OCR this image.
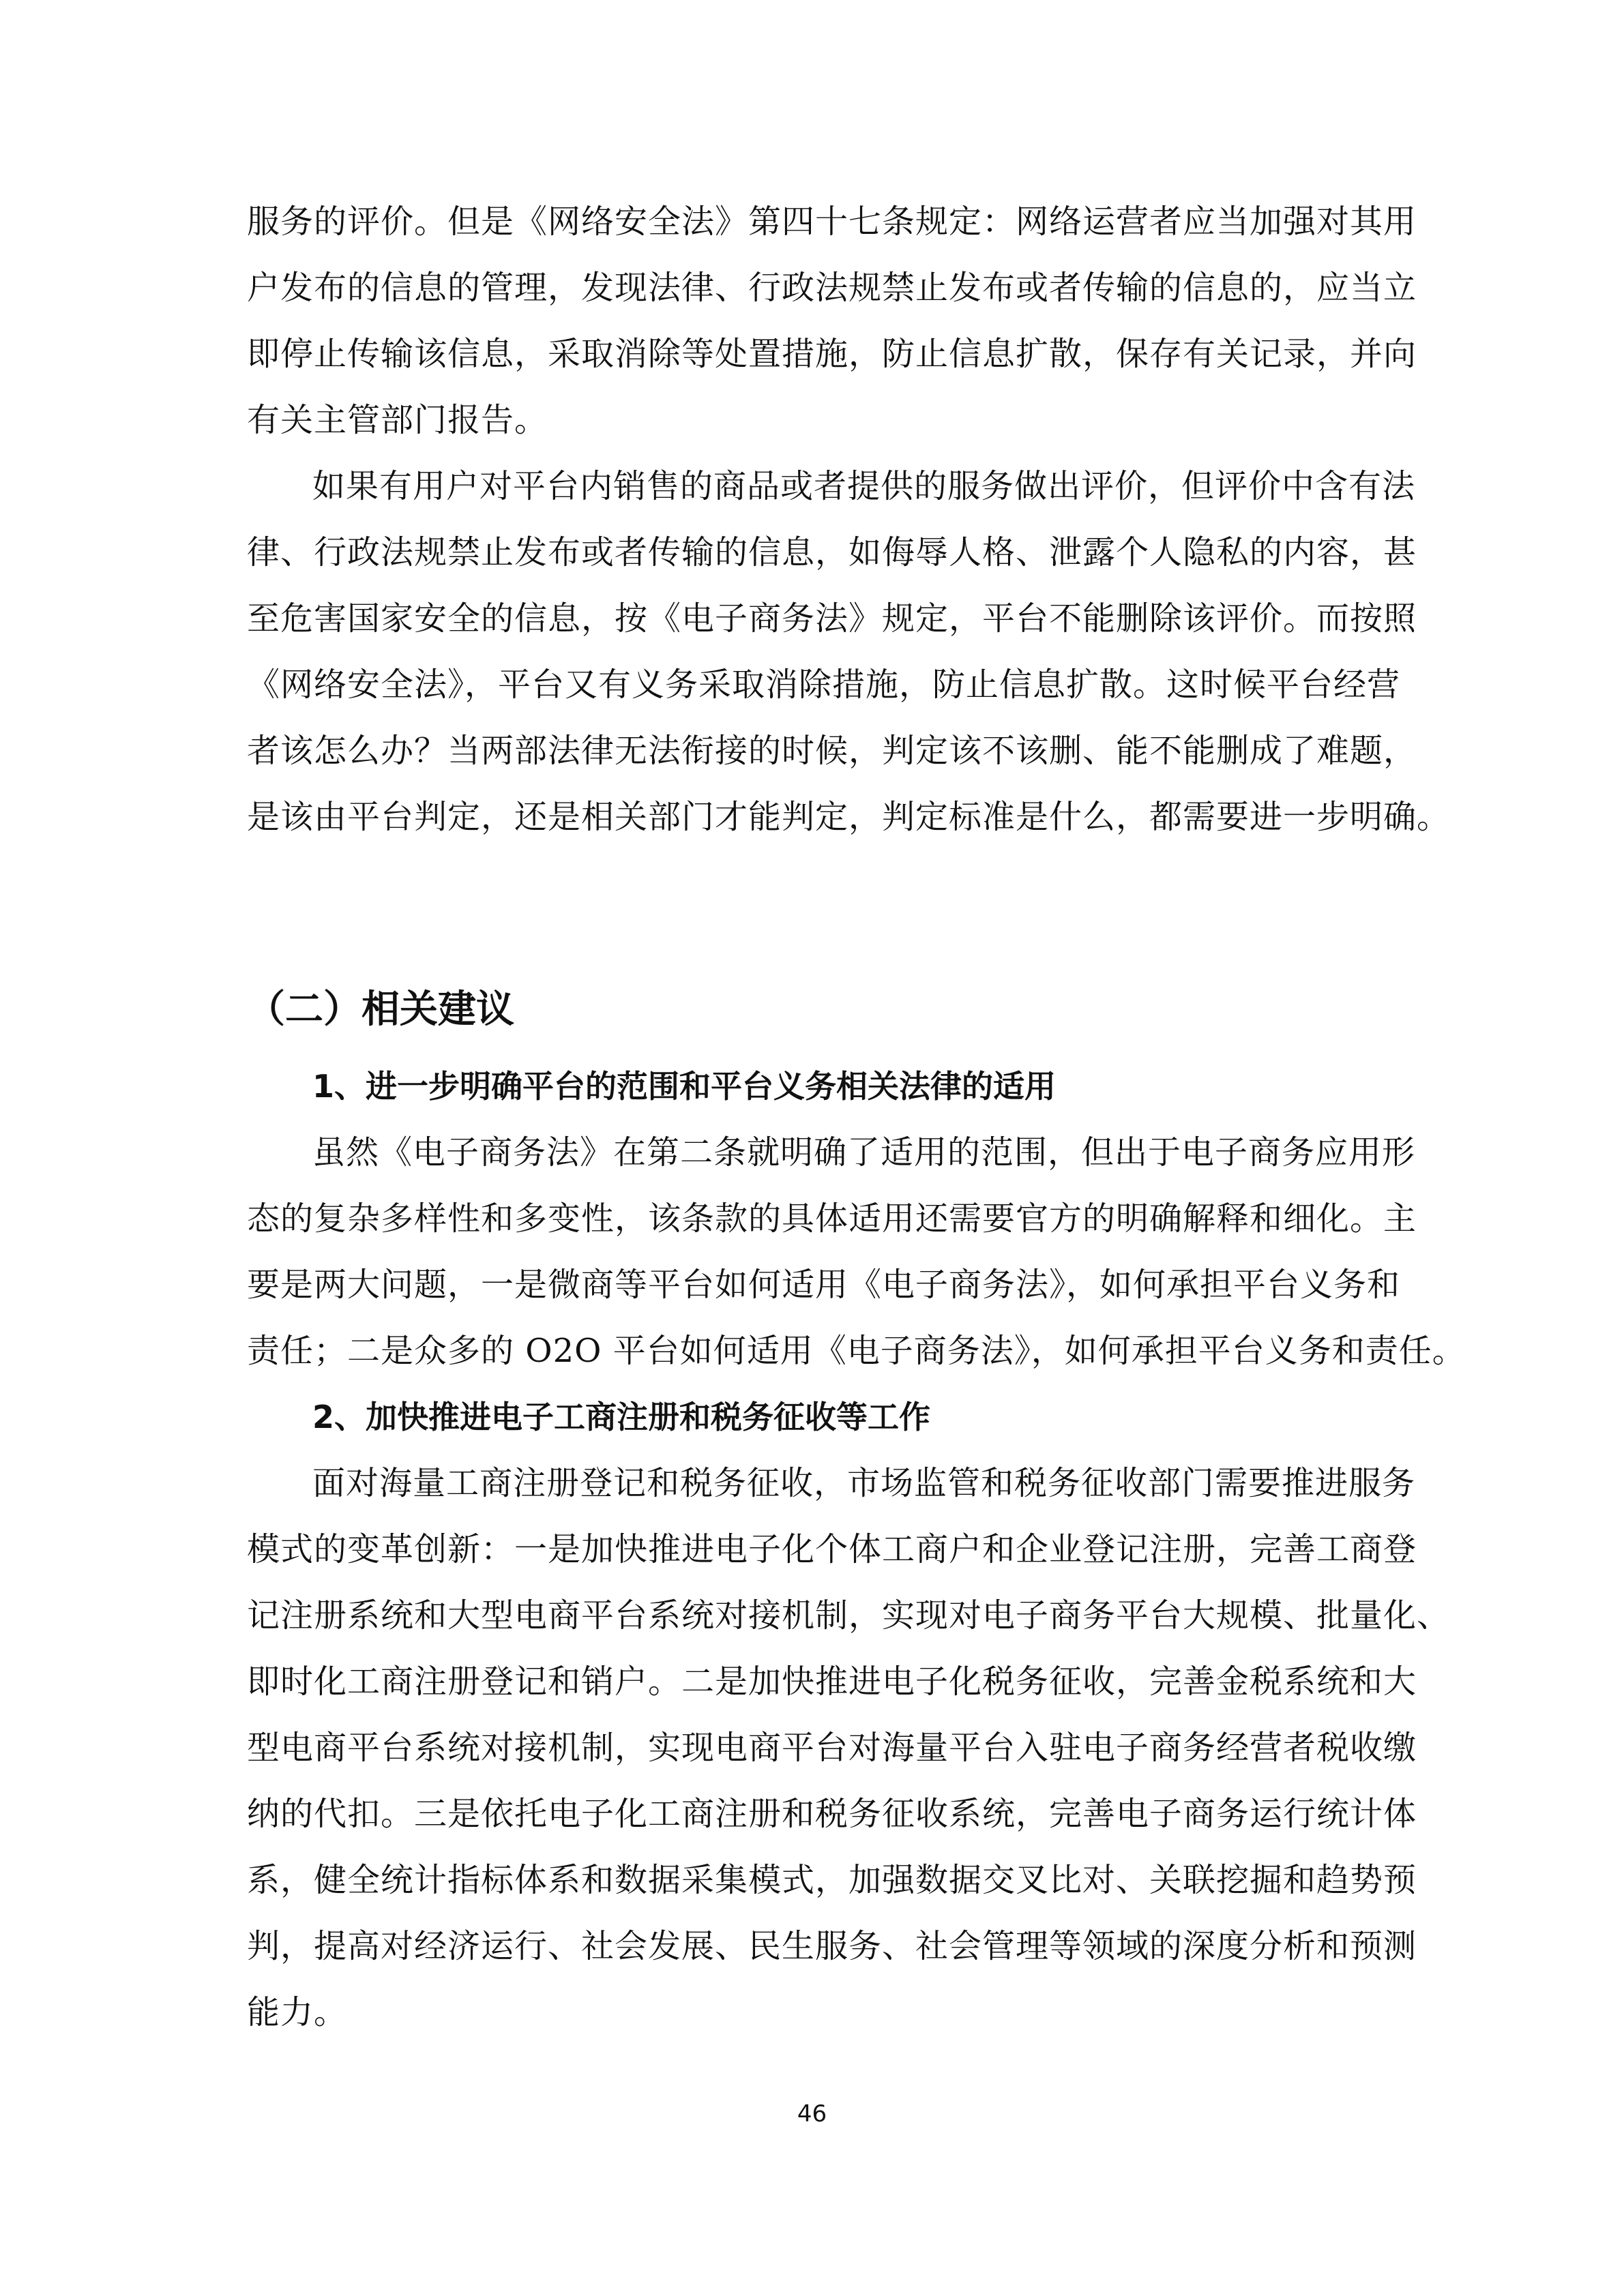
服务的评价。但是《网络安全法》第四十七条规定：网络运营者应当加强对其用
户发布的信息的管理，发现法律、行政法规禁止发布或者传输的信息的，应当立
即停止传输该信息，采取消除等处置措施，防止信息扩散，保存有关记录，并向
有关主管部门报告。
如果有用户对平台内销售的商品或者提供的服务做出评价，但评价中含有法
律、行政法规禁止发布或者传输的信息，如侮辱人格、泄露个人隐私的内容，甚
至危害国家安全的信息，按《电子商务法》规定，平台不能删除该评价。而按照
《网络安全法》，平台又有义务采取消除措施，防止信息扩散。这时候平台经营
者该怎么办？当两部法律无法衔接的时候，判定该不该删、能不能删成了难题，
是该由平台判定，还是相关部门才能判定，判定标准是什么，都需要进一步明确。
（二）相关建议
1、进一步明确平台的范围和平台义务相关法律的适用
虽然《电子商务法》在第二条就明确了适用的范围，但出于电子商务应用形
态的复杂多样性和多变性，该条款的具体适用还需要官方的明确解释和细化。主
要是两大问题，一是微商等平台如何适用《电子商务法》，如何承担平台义务和
责任；二是众多的 O2O 平台如何适用《电子商务法》，如何承担平台义务和责任。
2、加快推进电子工商注册和税务征收等工作
面对海量工商注册登记和税务征收，市场监管和税务征收部门需要推进服务
模式的变革创新：一是加快推进电子化个体工商户和企业登记注册，完善工商登
记注册系统和大型电商平台系统对接机制，实现对电子商务平台大规模、批量化、
即时化工商注册登记和销户。二是加快推进电子化税务征收，完善金税系统和大
型电商平台系统对接机制，实现电商平台对海量平台入驻电子商务经营者税收缴
纳的代扣。三是依托电子化工商注册和税务征收系统，完善电子商务运行统计体
系，健全统计指标体系和数据采集模式，加强数据交叉比对、关联挖掘和趋势预
判，提高对经济运行、社会发展、民生服务、社会管理等领域的深度分析和预测
能力。
46
